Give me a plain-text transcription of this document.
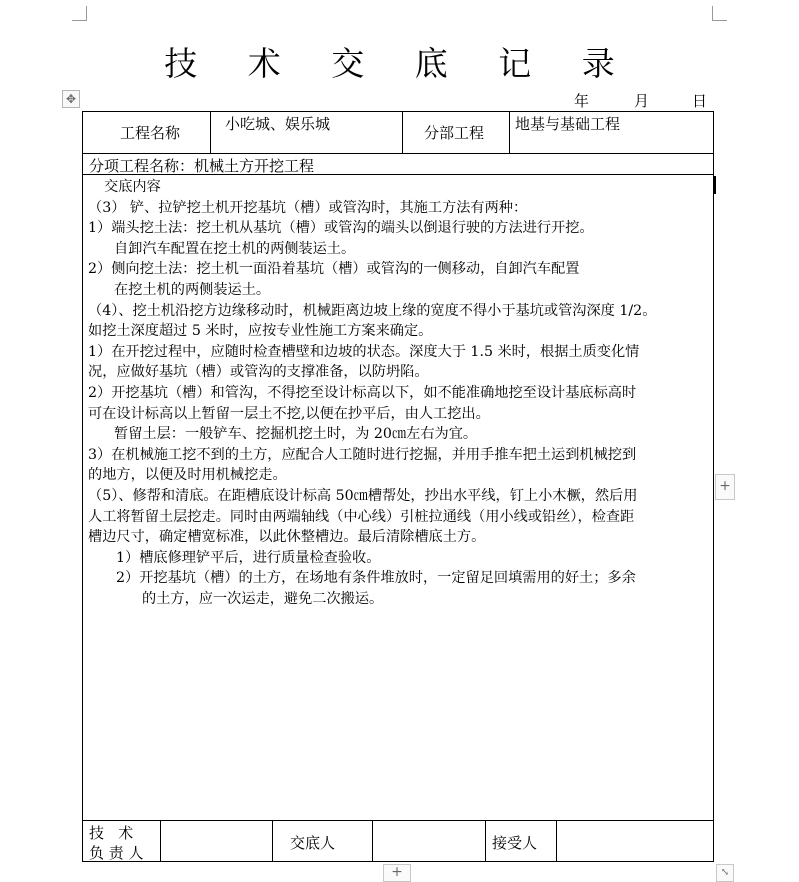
技 术 交 底 记 录
年	月	日
✥
工程名称	小吃城、娱乐城	分部工程 地基与基础工程
分项工程名称：机械土方开挖工程

交底内容

（3） 铲、拉铲挖土机开挖基坑（槽）或管沟时，其施工方法有两种：

1）端头挖土法：挖土机从基坑（槽）或管沟的端头以倒退行驶的方法进行开挖。

自卸汽车配置在挖土机的两侧装运土。

2）侧向挖土法：挖土机一面沿着基坑（槽）或管沟的一侧移动，自卸汽车配置

在挖土机的两侧装运土。

（4）、挖土机沿挖方边缘移动时，机械距离边坡上缘的宽度不得小于基坑或管沟深度 1/2。

如挖土深度超过 5 米时，应按专业性施工方案来确定。

1）在开挖过程中，应随时检查槽壁和边坡的状态。深度大于 1.5 米时，根据土质变化情

况，应做好基坑（槽）或管沟的支撑准备，以防坍陷。

2）开挖基坑（槽）和管沟，不得挖至设计标高以下，如不能准确地挖至设计基底标高时

可在设计标高以上暂留一层土不挖,以便在抄平后，由人工挖出。

暂留土层：一般铲车、挖掘机挖土时，为 20㎝左右为宜。

3）在机械施工挖不到的土方，应配合人工随时进行挖掘，并用手推车把土运到机械挖到

的地方，以便及时用机械挖走。

（5）、修帮和清底。在距槽底设计标高 50㎝槽帮处，抄出水平线，钉上小木橛，然后用

人工将暂留土层挖走。同时由两端轴线（中心线）引桩拉通线（用小线或铅丝），检查距

槽边尺寸，确定槽宽标准，以此休整槽边。最后清除槽底土方。

1）槽底修理铲平后，进行质量检查验收。

2）开挖基坑（槽）的土方，在场地有条件堆放时，一定留足回填需用的好土；多余

的土方，应一次运走，避免二次搬运。

技   术
负 责 人
交底人	接受人
+
+	⤡
